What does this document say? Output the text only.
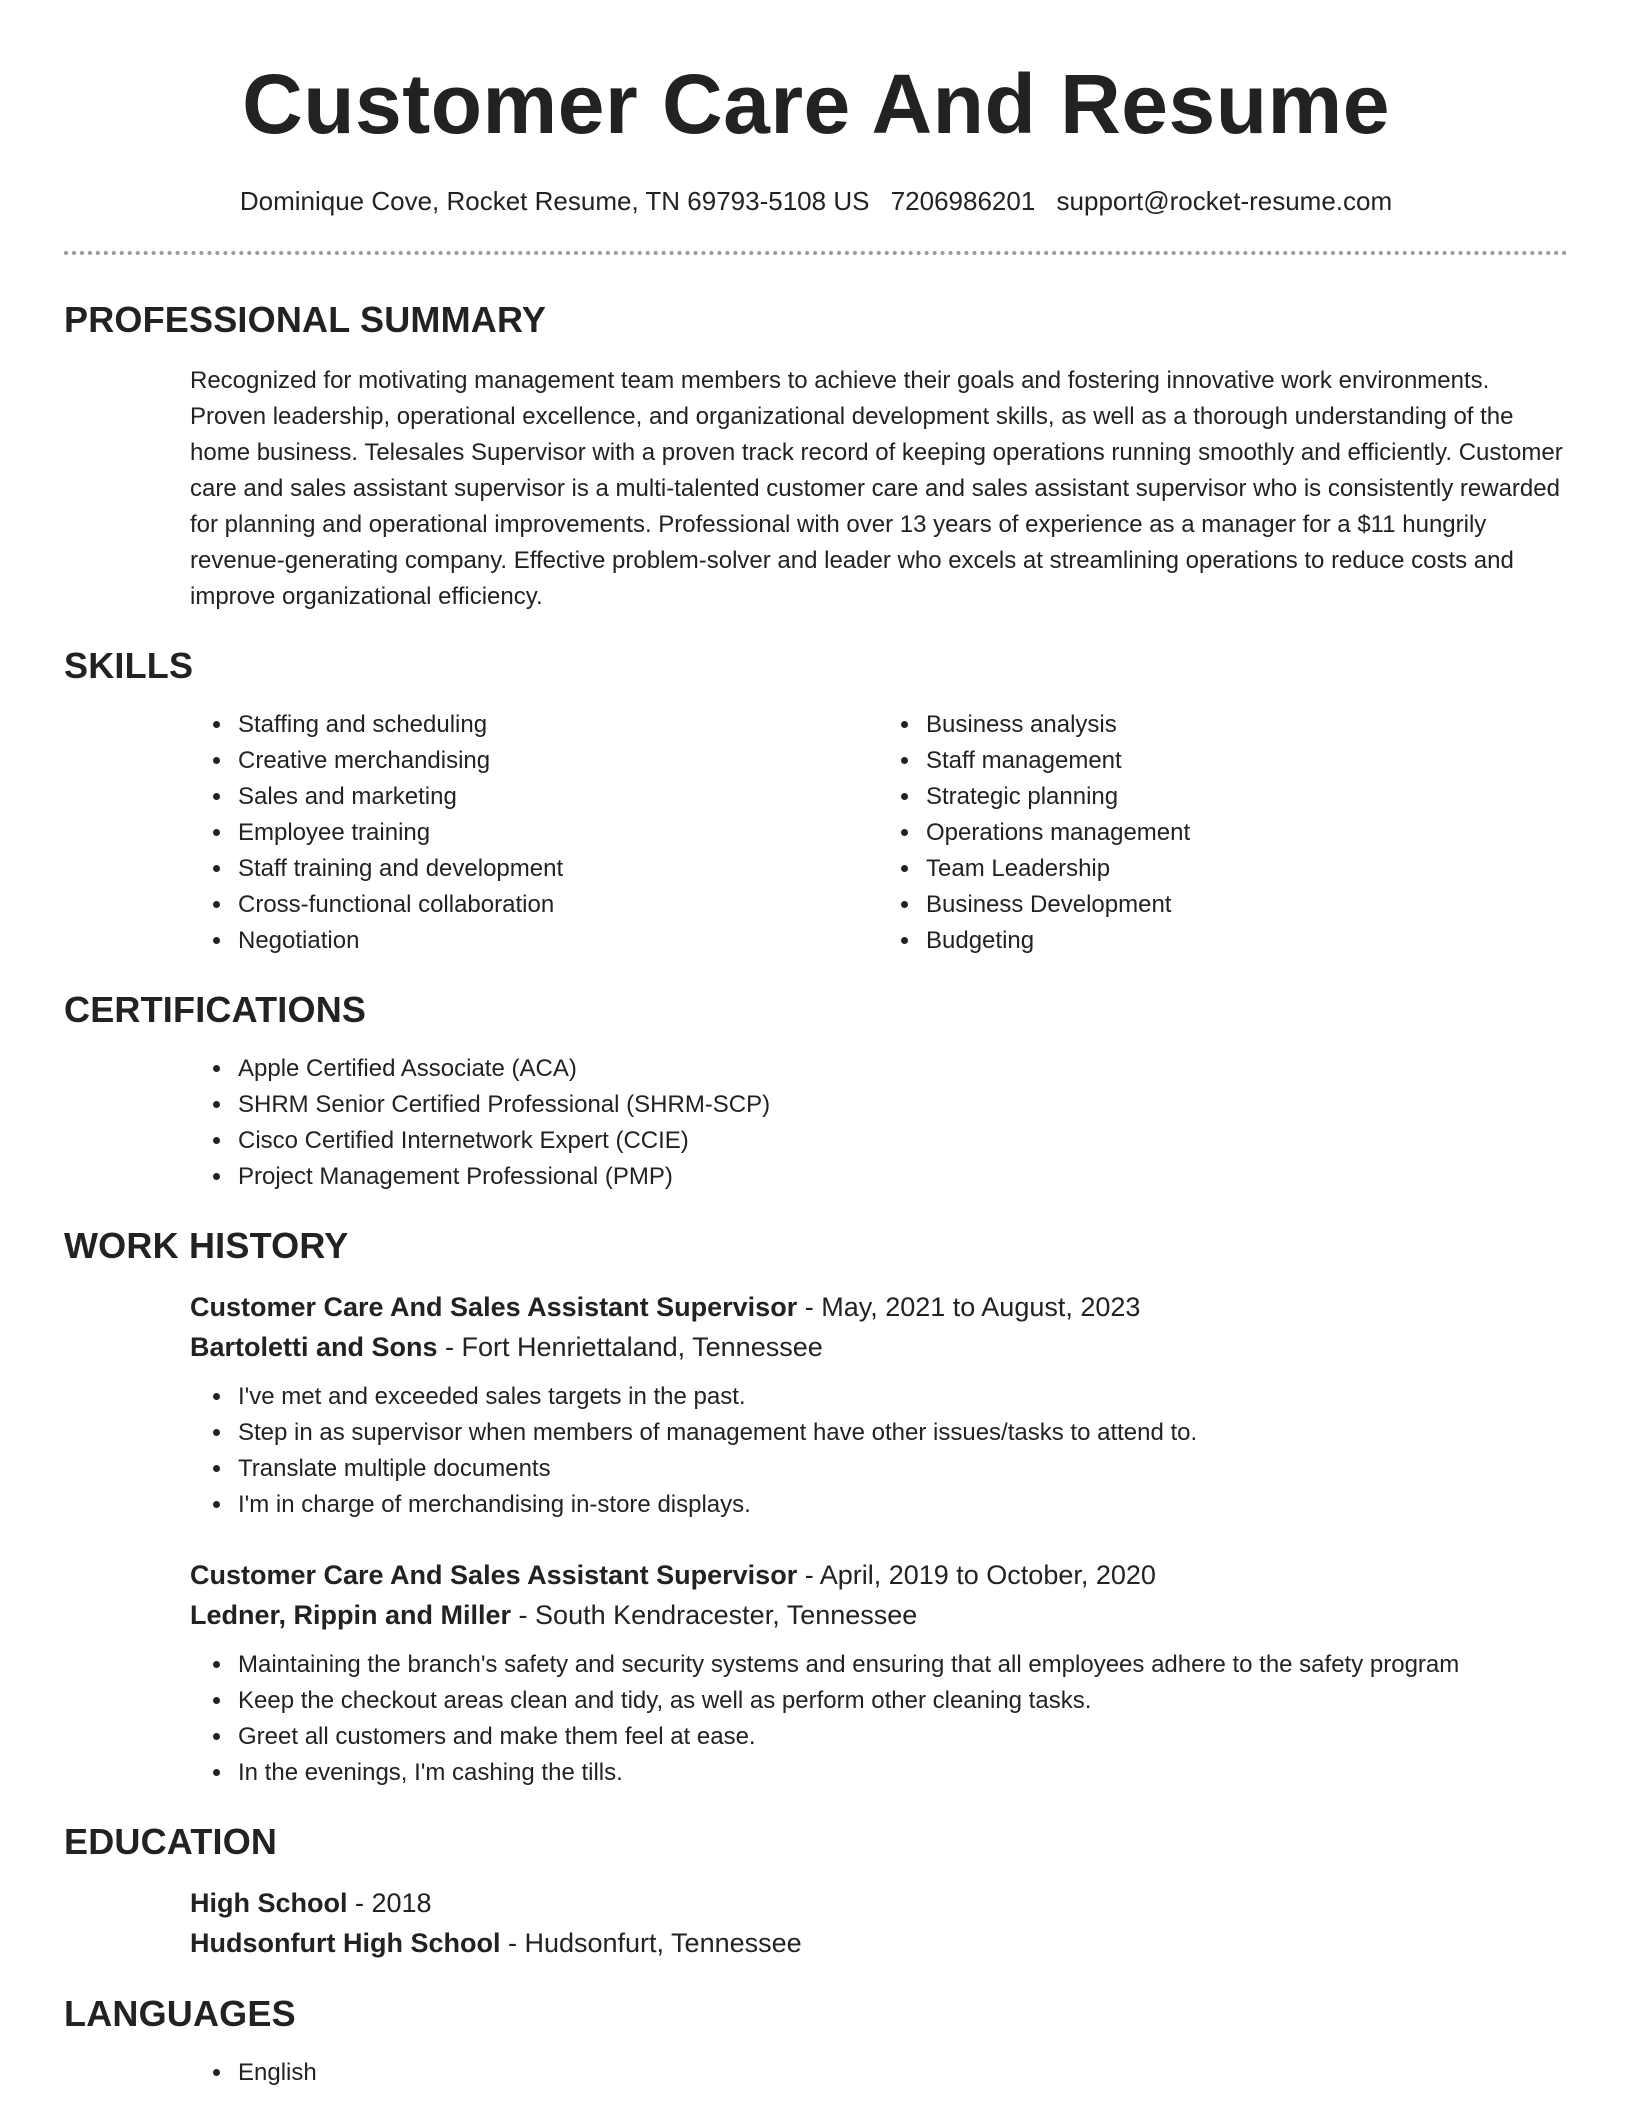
Customer Care And Resume
Dominique Cove, Rocket Resume, TN 69793-5108 US 7206986201 support@rocket-resume.com
PROFESSIONAL SUMMARY
Recognized for motivating management team members to achieve their goals and fostering innovative work environments. Proven leadership, operational excellence, and organizational development skills, as well as a thorough understanding of the home business. Telesales Supervisor with a proven track record of keeping operations running smoothly and efficiently. Customer care and sales assistant supervisor is a multi-talented customer care and sales assistant supervisor who is consistently rewarded for planning and operational improvements. Professional with over 13 years of experience as a manager for a $11 hungrily revenue-generating company. Effective problem-solver and leader who excels at streamlining operations to reduce costs and improve organizational efficiency.
SKILLS
• Staffing and scheduling
• Creative merchandising
• Sales and marketing
• Employee training
• Staff training and development
• Cross-functional collaboration
• Negotiation
• Business analysis
• Staff management
• Strategic planning
• Operations management
• Team Leadership
• Business Development
• Budgeting
CERTIFICATIONS
• Apple Certified Associate (ACA)
• SHRM Senior Certified Professional (SHRM-SCP)
• Cisco Certified Internetwork Expert (CCIE)
• Project Management Professional (PMP)
WORK HISTORY
Customer Care And Sales Assistant Supervisor - May, 2021 to August, 2023
Bartoletti and Sons - Fort Henriettaland, Tennessee
• I've met and exceeded sales targets in the past.
• Step in as supervisor when members of management have other issues/tasks to attend to.
• Translate multiple documents
• I'm in charge of merchandising in-store displays.
Customer Care And Sales Assistant Supervisor - April, 2019 to October, 2020
Ledner, Rippin and Miller - South Kendracester, Tennessee
• Maintaining the branch's safety and security systems and ensuring that all employees adhere to the safety program
• Keep the checkout areas clean and tidy, as well as perform other cleaning tasks.
• Greet all customers and make them feel at ease.
• In the evenings, I'm cashing the tills.
EDUCATION
High School - 2018
Hudsonfurt High School - Hudsonfurt, Tennessee
LANGUAGES
• English
